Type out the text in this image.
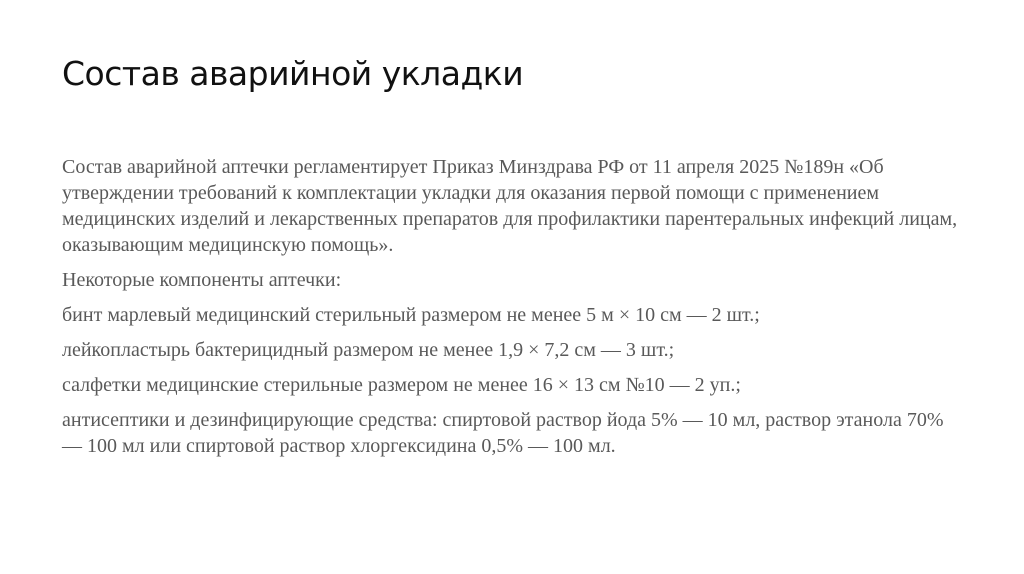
Состав аварийной укладки

Состав аварийной аптечки регламентирует Приказ Минздрава РФ от 11 апреля 2025 №189н «Об утверждении требований к комплектации укладки для оказания первой помощи с применением медицинских изделий и лекарственных препаратов для профилактики парентеральных инфекций лицам, оказывающим медицинскую помощь».

Некоторые компоненты аптечки:

бинт марлевый медицинский стерильный размером не менее 5 м × 10 см — 2 шт.;

лейкопластырь бактерицидный размером не менее 1,9 × 7,2 см — 3 шт.;

салфетки медицинские стерильные размером не менее 16 × 13 см №10 — 2 уп.;

антисептики и дезинфицирующие средства: спиртовой раствор йода 5% — 10 мл, раствор этанола 70% — 100 мл или спиртовой раствор хлоргексидина 0,5% — 100 мл.
